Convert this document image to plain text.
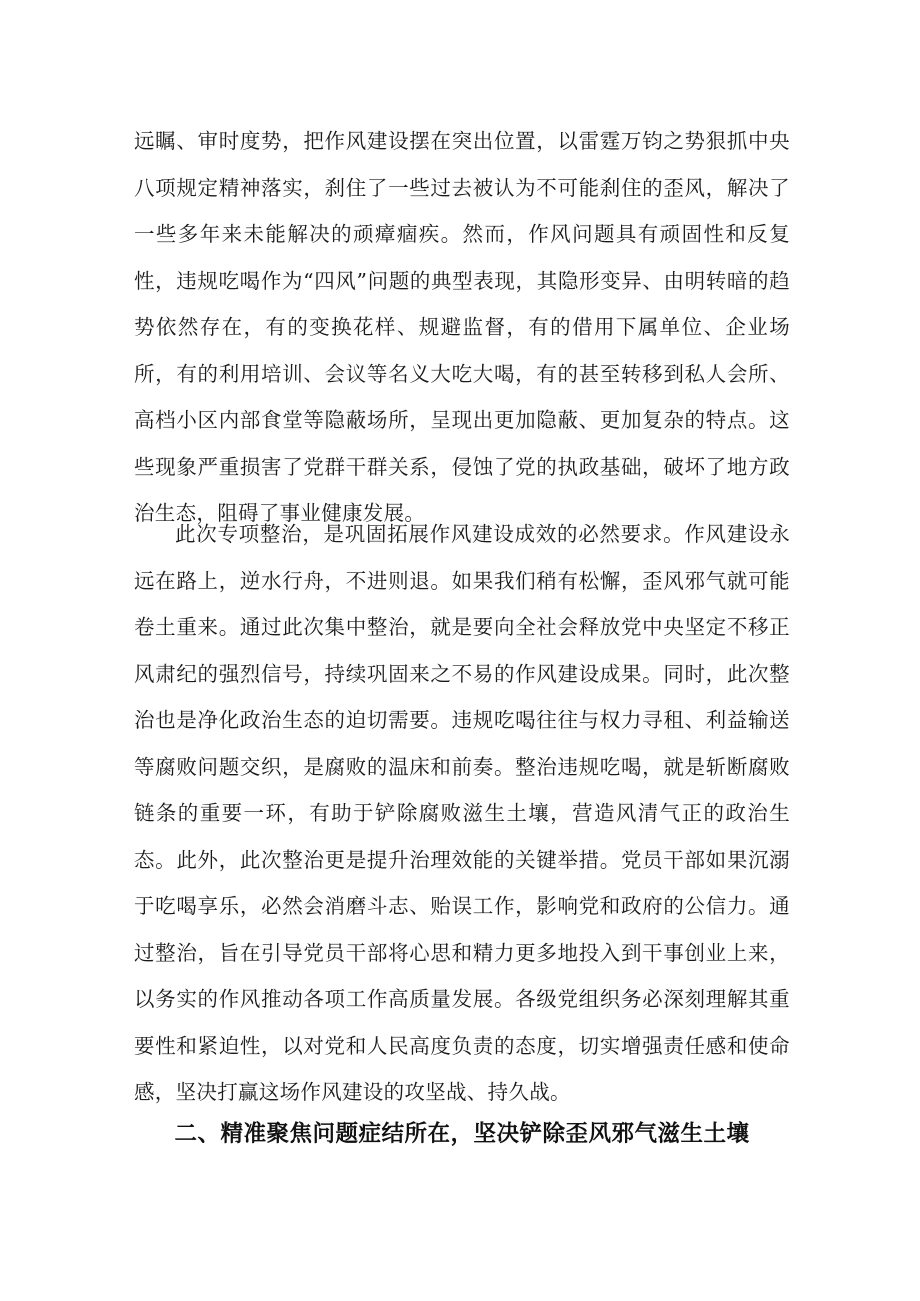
远瞩、审时度势，把作风建设摆在突出位置，以雷霆万钧之势狠抓中央八项规定精神落实，刹住了一些过去被认为不可能刹住的歪风，解决了一些多年来未能解决的顽瘴痼疾。然而，作风问题具有顽固性和反复性，违规吃喝作为“四风”问题的典型表现，其隐形变异、由明转暗的趋势依然存在，有的变换花样、规避监督，有的借用下属单位、企业场所，有的利用培训、会议等名义大吃大喝，有的甚至转移到私人会所、高档小区内部食堂等隐蔽场所，呈现出更加隐蔽、更加复杂的特点。这些现象严重损害了党群干群关系，侵蚀了党的执政基础，破坏了地方政治生态，阻碍了事业健康发展。

此次专项整治，是巩固拓展作风建设成效的必然要求。作风建设永远在路上，逆水行舟，不进则退。如果我们稍有松懈，歪风邪气就可能卷土重来。通过此次集中整治，就是要向全社会释放党中央坚定不移正风肃纪的强烈信号，持续巩固来之不易的作风建设成果。同时，此次整治也是净化政治生态的迫切需要。违规吃喝往往与权力寻租、利益输送等腐败问题交织，是腐败的温床和前奏。整治违规吃喝，就是斩断腐败链条的重要一环，有助于铲除腐败滋生土壤，营造风清气正的政治生态。此外，此次整治更是提升治理效能的关键举措。党员干部如果沉溺于吃喝享乐，必然会消磨斗志、贻误工作，影响党和政府的公信力。通过整治，旨在引导党员干部将心思和精力更多地投入到干事创业上来，以务实的作风推动各项工作高质量发展。各级党组织务必深刻理解其重要性和紧迫性，以对党和人民高度负责的态度，切实增强责任感和使命感，坚决打赢这场作风建设的攻坚战、持久战。

二、精准聚焦问题症结所在，坚决铲除歪风邪气滋生土壤
